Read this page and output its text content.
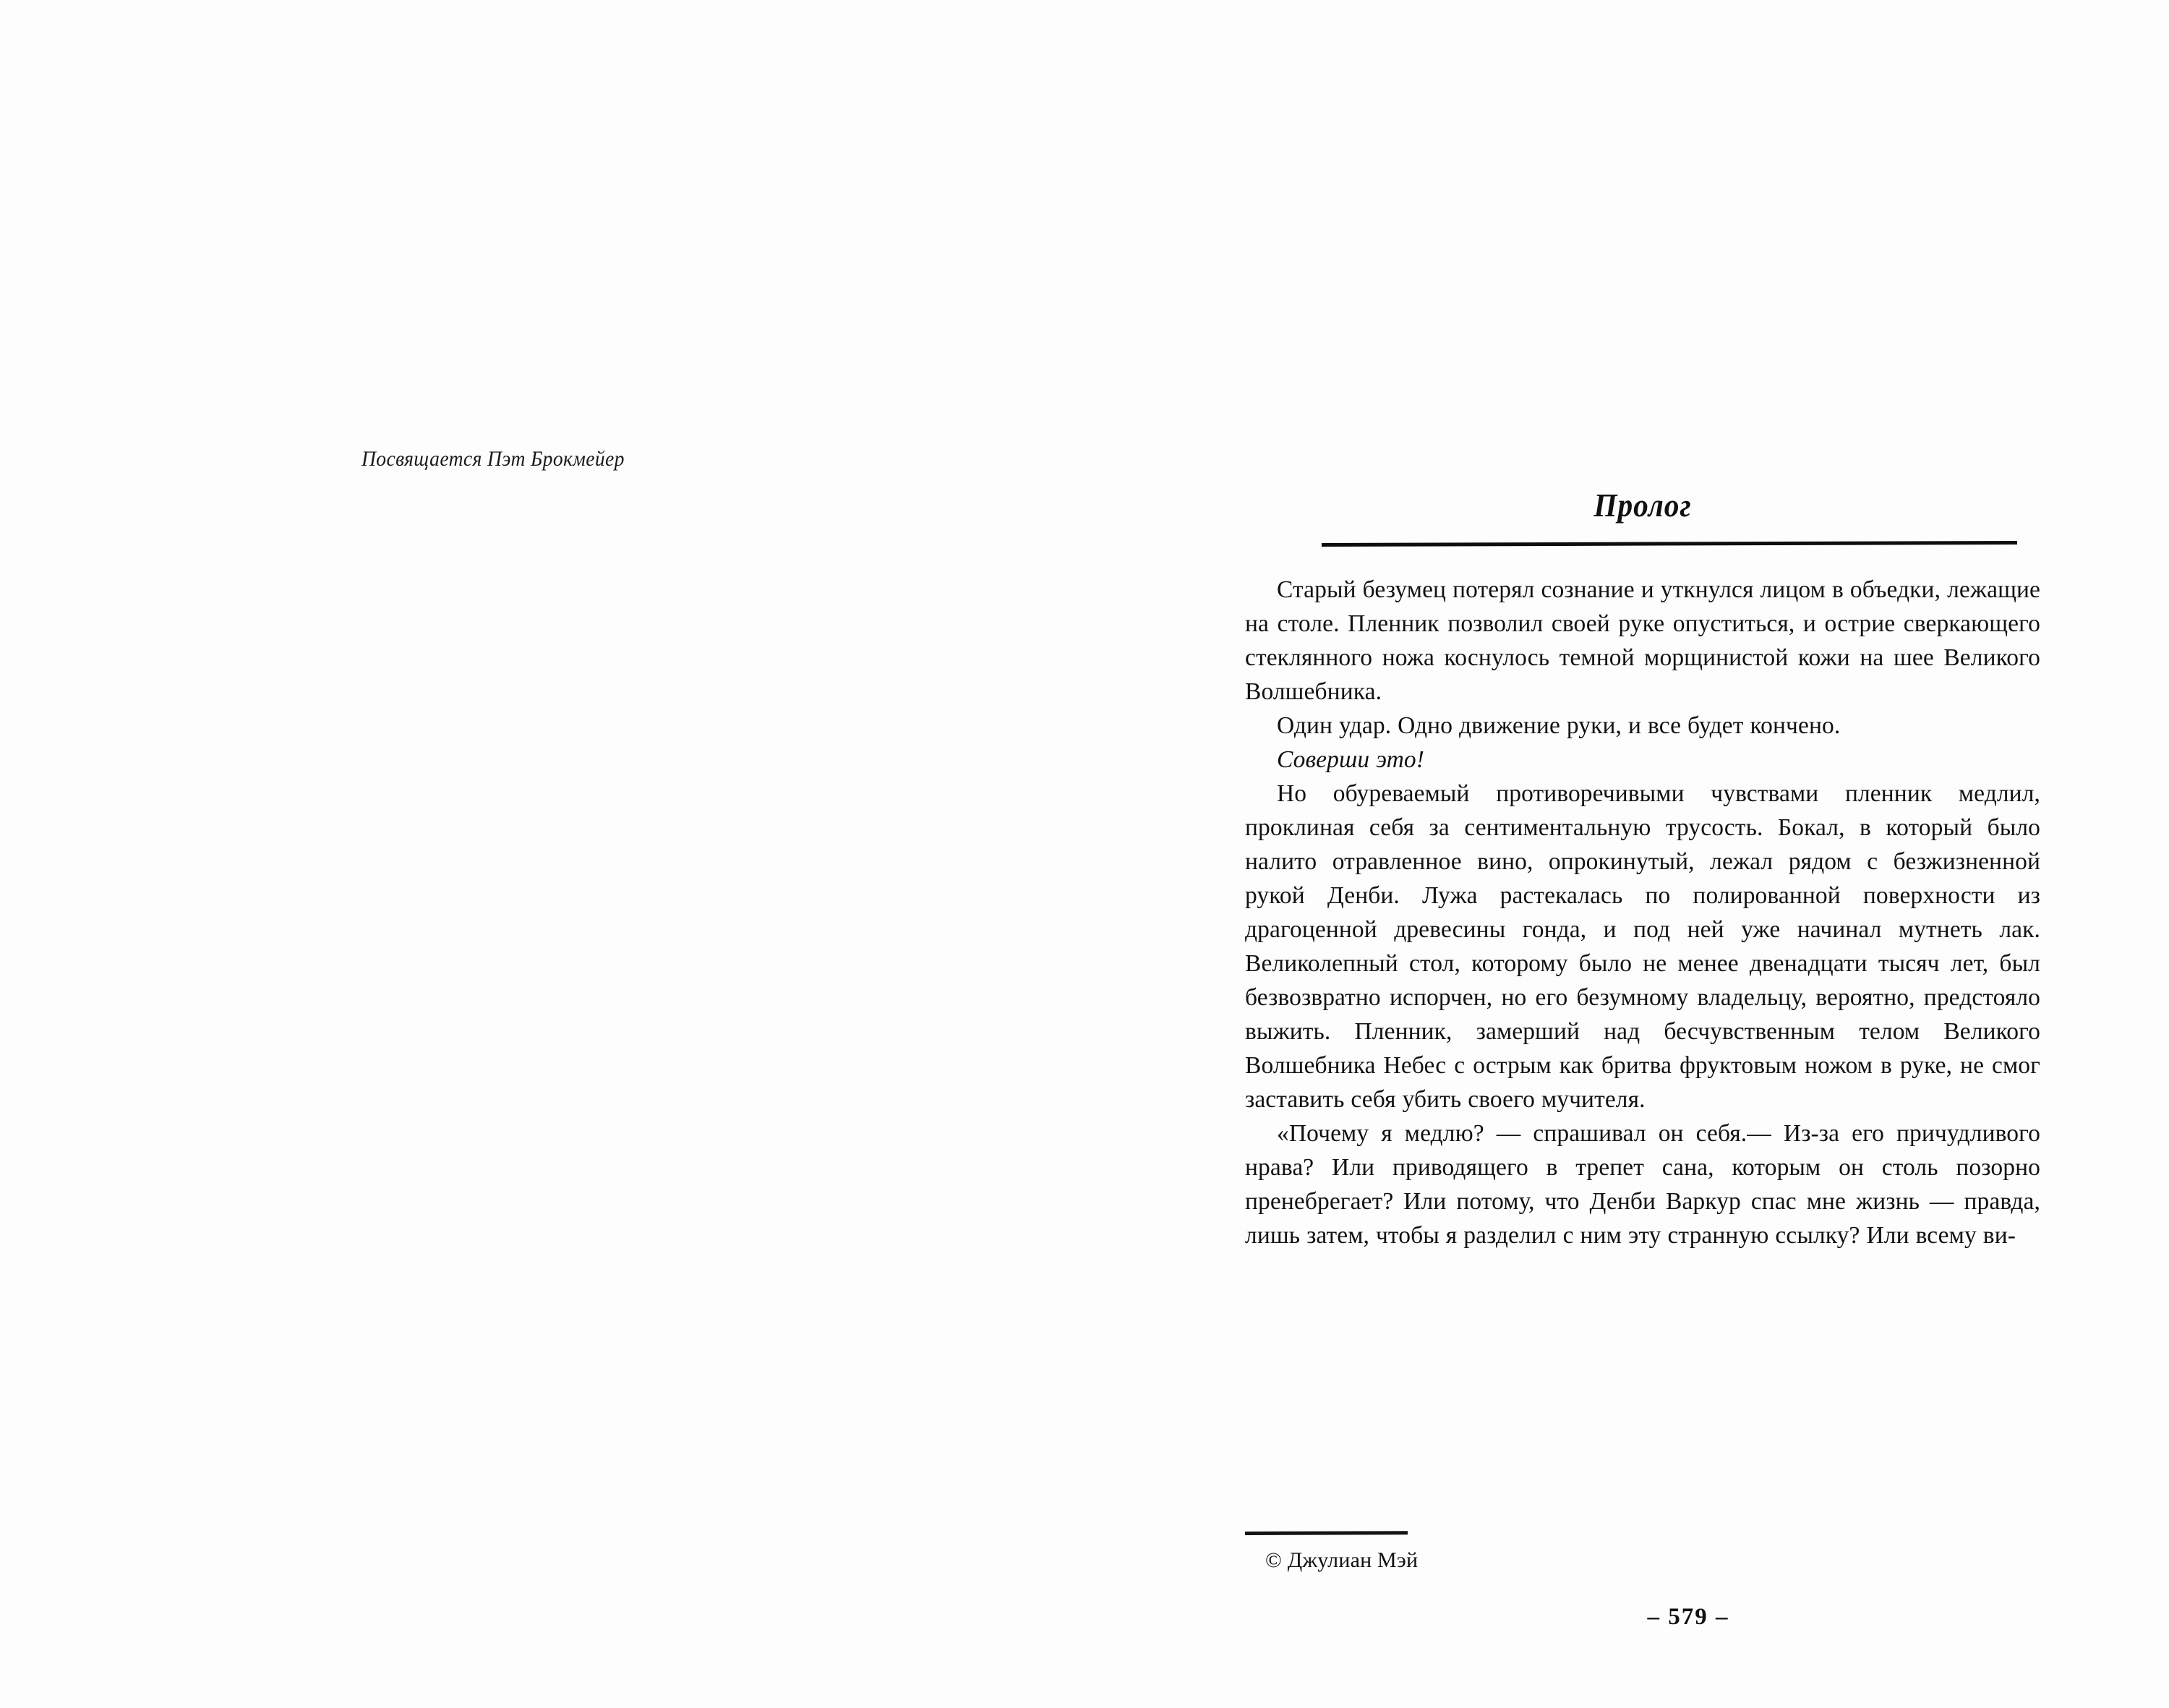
Посвящается Пэт Брокмейер
Пролог

Старый безумец потерял сознание и уткнулся лицом в объедки, лежащие на столе. Пленник позволил своей руке опуститься, и острие сверкающего стеклянного ножа коснулось темной морщинистой кожи на шее Великого Волшебника.

Один удар. Одно движение руки, и все будет кончено.

Соверши это!

Но обуреваемый противоречивыми чувствами пленник медлил, проклиная себя за сентиментальную трусость. Бокал, в который было налито отравленное вино, опрокинутый, лежал рядом с безжизненной рукой Денби. Лужа растекалась по полированной поверхности из драгоценной древесины гонда, и под ней уже начинал мутнеть лак. Великолепный стол, которому было не менее двенадцати тысяч лет, был безвозвратно испорчен, но его безумному владельцу, вероятно, предстояло выжить. Пленник, замерший над бесчувственным телом Великого Волшебника Небес с острым как бритва фруктовым ножом в руке, не смог заставить себя убить своего мучителя.

«Почему я медлю? — спрашивал он себя.— Из-за его причудливого нрава? Или приводящего в трепет сана, которым он столь позорно пренебрегает? Или потому, что Денби Варкур спас мне жизнь — правда, лишь затем, чтобы я разделил с ним эту странную ссылку? Или всему ви-

© Джулиан Мэй

– 579 –
